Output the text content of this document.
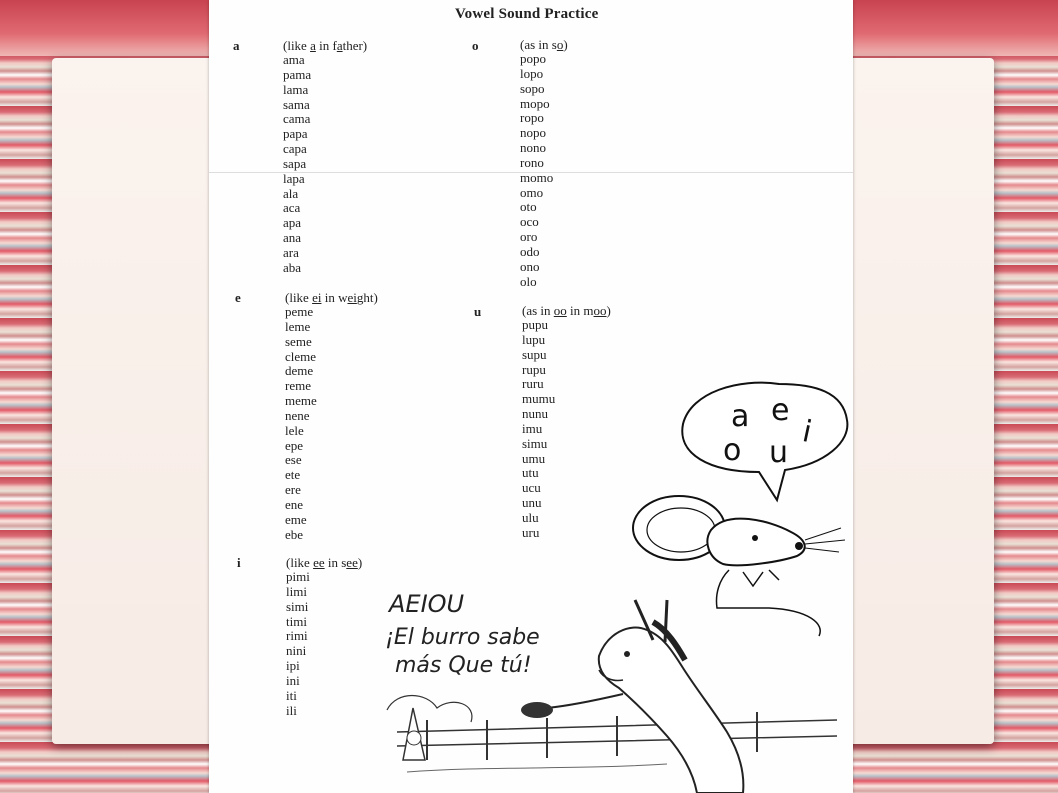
Vowel Sound Practice
a	(like a in father)
ama
pama
lama
sama
cama
papa
capa
sapa
lapa
ala
aca
apa
ana
ara
aba
o	(as in so)
popo
lopo
sopo
mopo
ropo
nopo
nono
rono
momo
omo
oto
oco
oro
odo
ono
olo
e	(like ei in weight)
peme
leme
seme
cleme
deme
reme
meme
nene
lele
epe
ese
ete
ere
ene
eme
ebe
u	(as in oo in moo)
pupu
lupu
supu
rupu
ruru
mumu
nunu
imu
simu
umu
utu
ucu
unu
ulu
uru
i	(like ee in see)
pimi
limi
simi
timi
rimi
nini
ipi
ini
iti
ili
a e
i
o u
AEIOU
¡El burro sabe
más Que tú!
